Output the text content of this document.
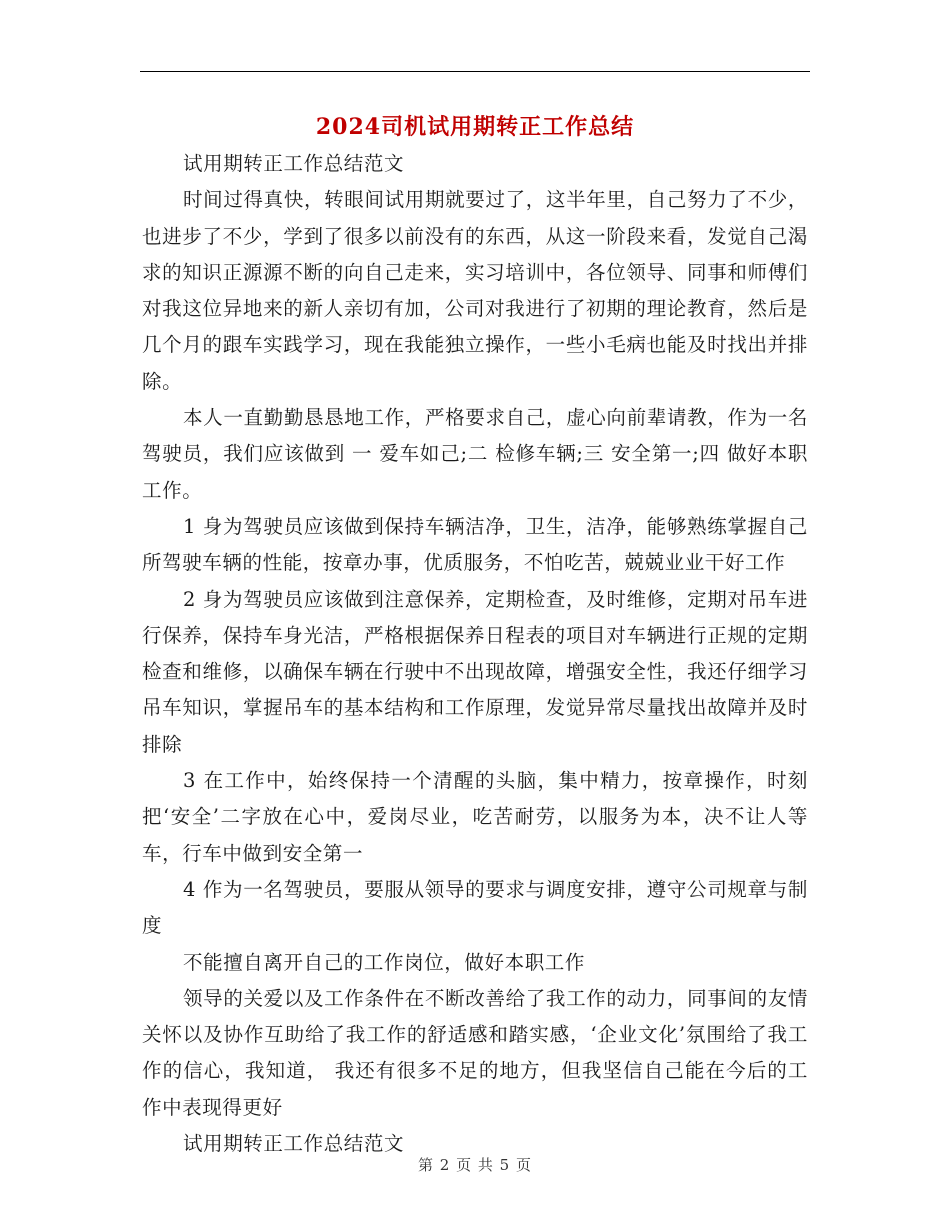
2024司机试用期转正工作总结

试用期转正工作总结范文

时间过得真快，转眼间试用期就要过了，这半年里，自己努力了不少，也进步了不少，学到了很多以前没有的东西，从这一阶段来看，发觉自己渴求的知识正源源不断的向自己走来，实习培训中，各位领导、同事和师傅们对我这位异地来的新人亲切有加，公司对我进行了初期的理论教育，然后是几个月的跟车实践学习，现在我能独立操作，一些小毛病也能及时找出并排除。

本人一直勤勤恳恳地工作，严格要求自己，虚心向前辈请教，作为一名驾驶员，我们应该做到 一 爱车如己;二 检修车辆;三 安全第一;四 做好本职工作。

1 身为驾驶员应该做到保持车辆洁净，卫生，洁净，能够熟练掌握自己所驾驶车辆的性能，按章办事，优质服务，不怕吃苦，兢兢业业干好工作

2 身为驾驶员应该做到注意保养，定期检查，及时维修，定期对吊车进行保养，保持车身光洁，严格根据保养日程表的项目对车辆进行正规的定期检查和维修，以确保车辆在行驶中不出现故障，增强安全性，我还仔细学习吊车知识，掌握吊车的基本结构和工作原理，发觉异常尽量找出故障并及时排除

3 在工作中，始终保持一个清醒的头脑，集中精力，按章操作，时刻把‘安全’二字放在心中，爱岗尽业，吃苦耐劳，以服务为本，决不让人等车，行车中做到安全第一

4 作为一名驾驶员，要服从领导的要求与调度安排，遵守公司规章与制度

不能擅自离开自己的工作岗位，做好本职工作

领导的关爱以及工作条件在不断改善给了我工作的动力，同事间的友情关怀以及协作互助给了我工作的舒适感和踏实感，‘企业文化’氛围给了我工作的信心，我知道， 我还有很多不足的地方，但我坚信自己能在今后的工作中表现得更好

试用期转正工作总结范文

第 2 页 共 5 页
